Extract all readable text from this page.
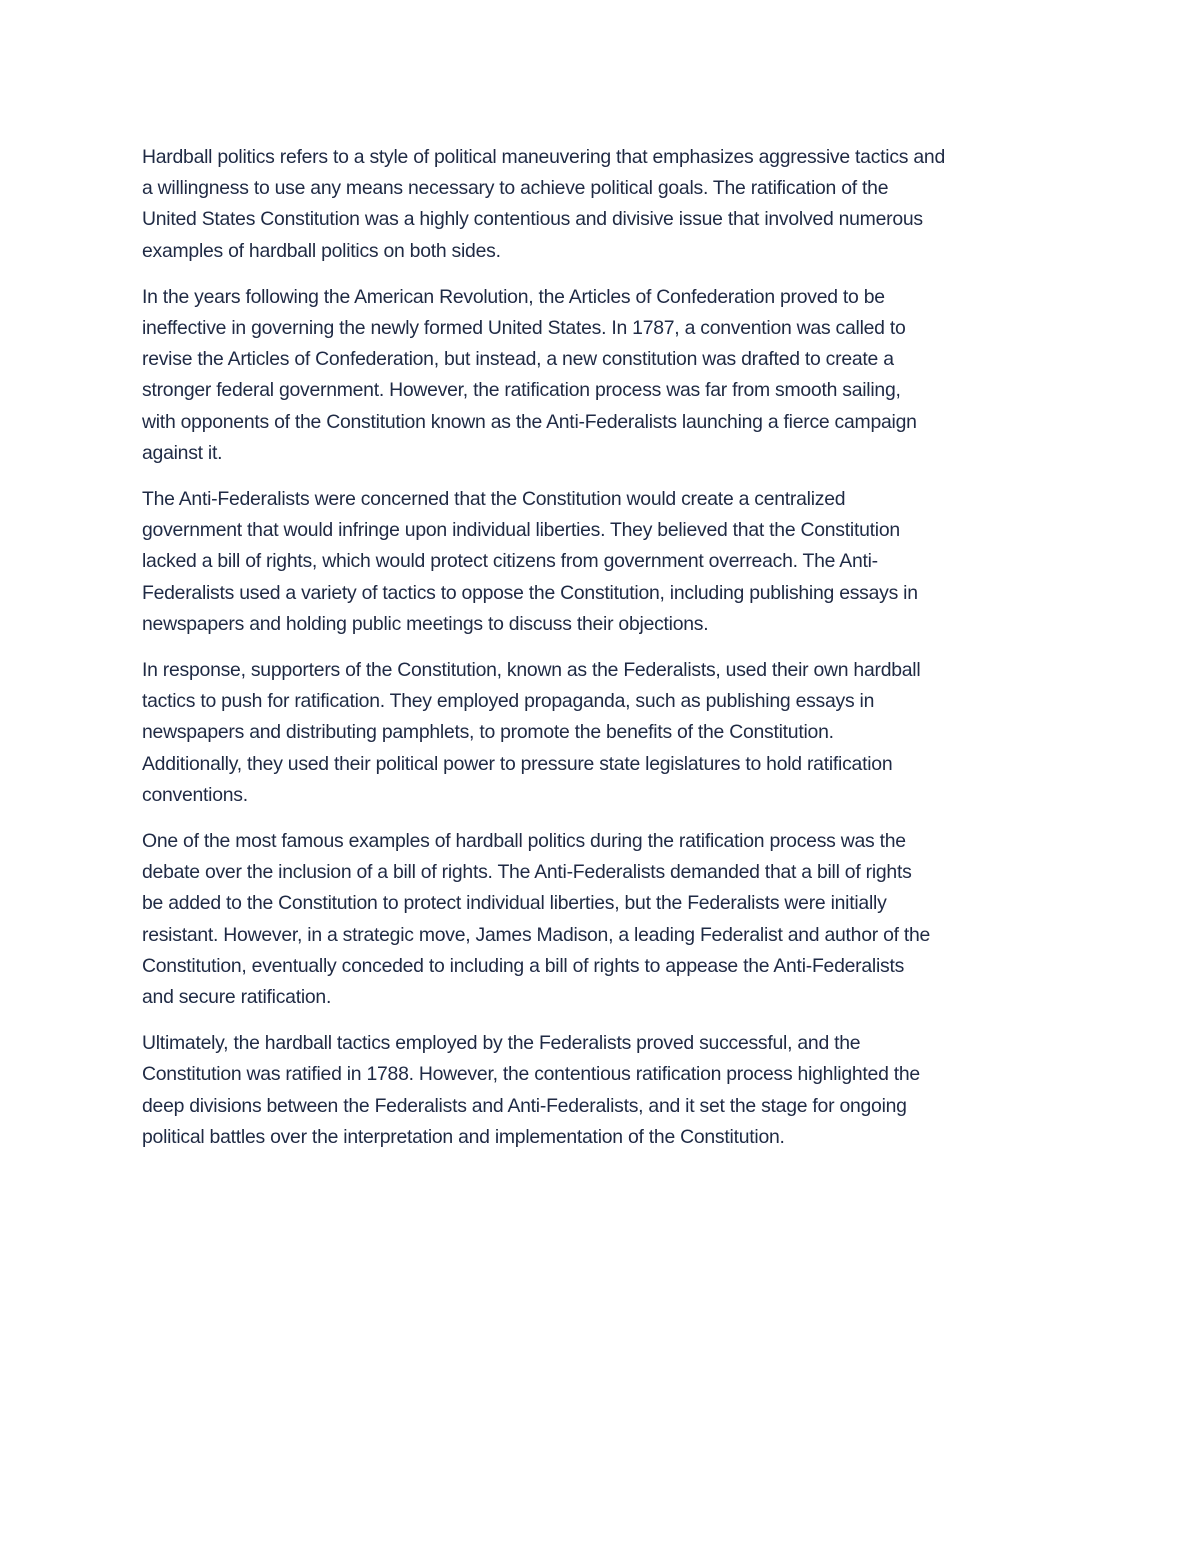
Hardball politics refers to a style of political maneuvering that emphasizes aggressive tactics and
a willingness to use any means necessary to achieve political goals. The ratification of the
United States Constitution was a highly contentious and divisive issue that involved numerous
examples of hardball politics on both sides.

In the years following the American Revolution, the Articles of Confederation proved to be
ineffective in governing the newly formed United States. In 1787, a convention was called to
revise the Articles of Confederation, but instead, a new constitution was drafted to create a
stronger federal government. However, the ratification process was far from smooth sailing,
with opponents of the Constitution known as the Anti-Federalists launching a fierce campaign
against it.

The Anti-Federalists were concerned that the Constitution would create a centralized
government that would infringe upon individual liberties. They believed that the Constitution
lacked a bill of rights, which would protect citizens from government overreach. The Anti-
Federalists used a variety of tactics to oppose the Constitution, including publishing essays in
newspapers and holding public meetings to discuss their objections.

In response, supporters of the Constitution, known as the Federalists, used their own hardball
tactics to push for ratification. They employed propaganda, such as publishing essays in
newspapers and distributing pamphlets, to promote the benefits of the Constitution.
Additionally, they used their political power to pressure state legislatures to hold ratification
conventions.

One of the most famous examples of hardball politics during the ratification process was the
debate over the inclusion of a bill of rights. The Anti-Federalists demanded that a bill of rights
be added to the Constitution to protect individual liberties, but the Federalists were initially
resistant. However, in a strategic move, James Madison, a leading Federalist and author of the
Constitution, eventually conceded to including a bill of rights to appease the Anti-Federalists
and secure ratification.

Ultimately, the hardball tactics employed by the Federalists proved successful, and the
Constitution was ratified in 1788. However, the contentious ratification process highlighted the
deep divisions between the Federalists and Anti-Federalists, and it set the stage for ongoing
political battles over the interpretation and implementation of the Constitution.
